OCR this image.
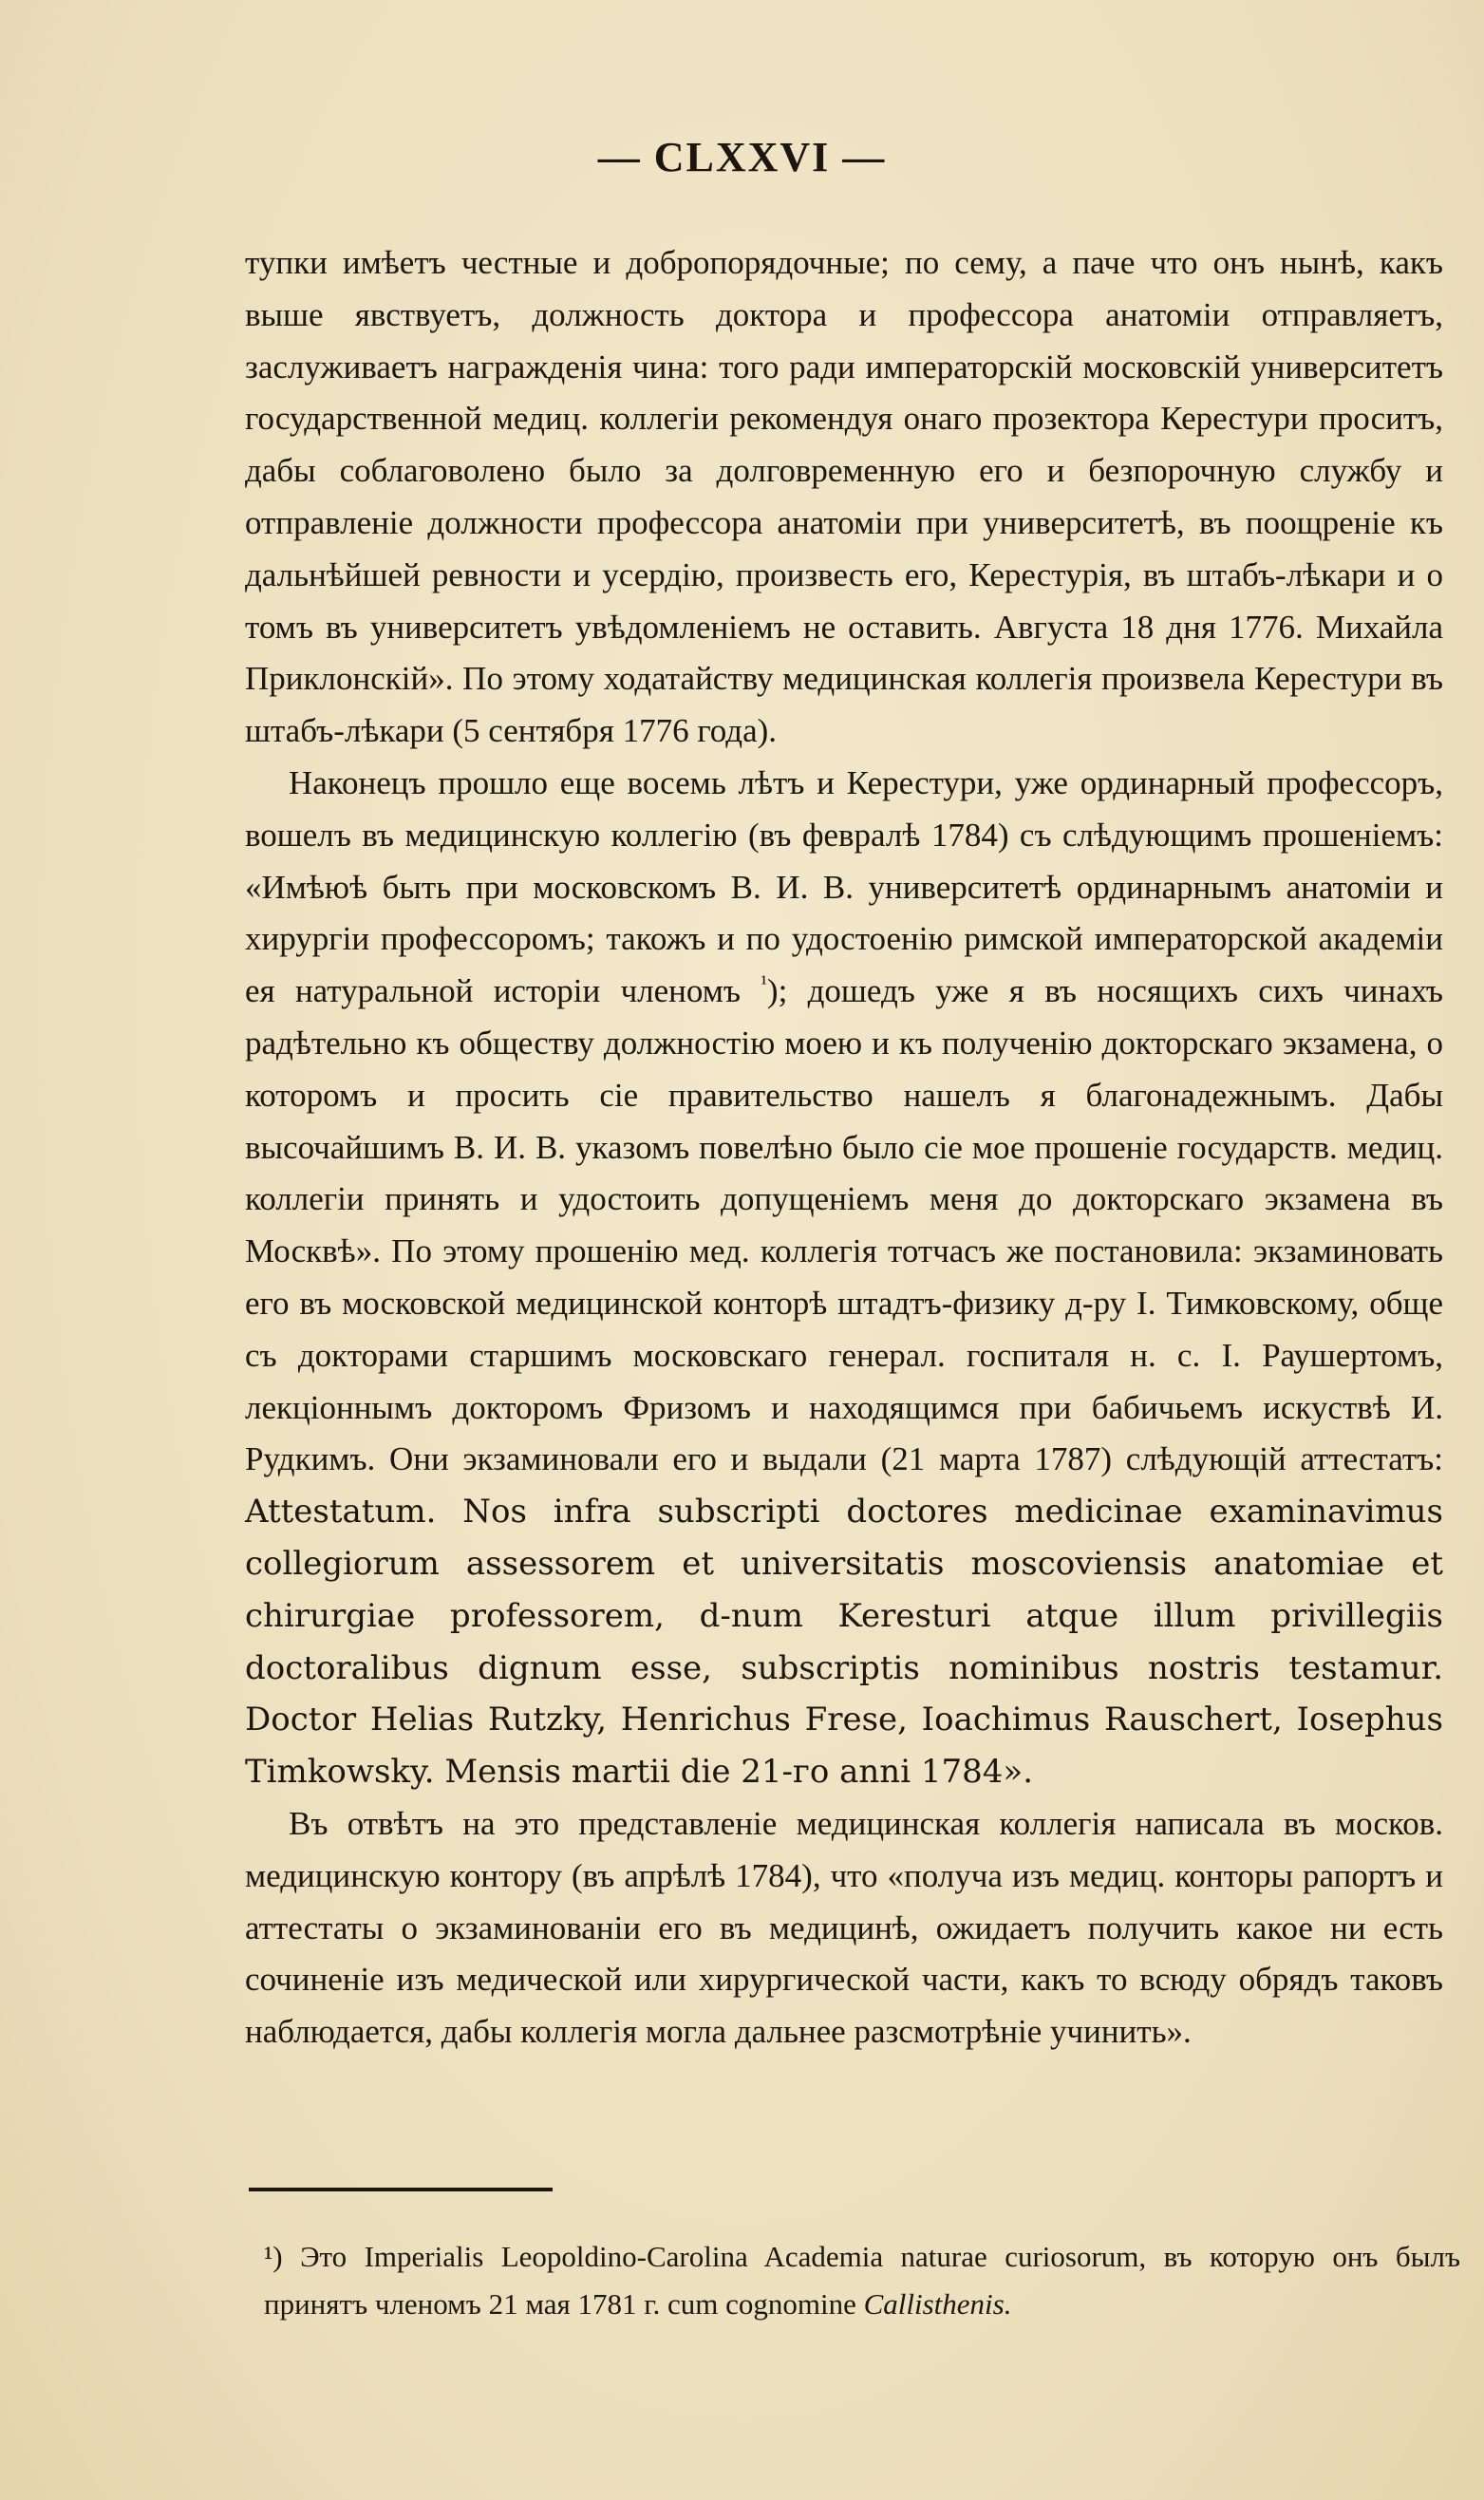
— CLXXVI —

тупки имѣетъ честные и добропорядочные; по сему, а паче что онъ нынѣ, какъ выше явствуетъ, должность доктора и профессора анатоміи отправляетъ, заслуживаетъ награжденія чина: того ради императорскій московскій университетъ государственной медиц. коллегіи рекомендуя онаго прозектора Керестури проситъ, дабы соблаговолено было за долговременную его и безпорочную службу и отправленіе должности профессора анатоміи при университетѣ, въ поощреніе къ дальнѣйшей ревности и усердію, произвесть его, Керестурія, въ штабъ-лѣкари и о томъ въ университетъ увѣдомленіемъ не оставить. Августа 18 дня 1776. Михайла Приклонскій». По этому ходатайству медицинская коллегія произвела Керестури въ штабъ-лѣкари (5 сентября 1776 года).

Наконецъ прошло еще восемь лѣтъ и Керестури, уже ординарный профессоръ, вошелъ въ медицинскую коллегію (въ февралѣ 1784) съ слѣдующимъ прошеніемъ: «Имѣюѣ быть при московскомъ В. И. В. университетѣ ординарнымъ анатоміи и хирургіи профессоромъ; такожъ и по удостоенію римской императорской академіи ея натуральной исторіи членомъ $^{^1}$); дошедъ уже я въ носящихъ сихъ чинахъ радѣтельно къ обществу должностію моею и къ полученію докторскаго экзамена, о которомъ и просить сіе правительство нашелъ я благонадежнымъ. Дабы высочайшимъ В. И. В. указомъ повелѣно было сіе мое прошеніе государств. медиц. коллегіи принять и удостоить допущеніемъ меня до докторскаго экзамена въ Москвѣ». По этому прошенію мед. коллегія тотчасъ же постановила: экзаминовать его въ московской медицинской конторѣ штадтъ-физику д-ру І. Тимковскому, обще съ докторами старшимъ московскаго генерал. госпиталя н. с. І. Раушертомъ, лекціоннымъ докторомъ Фризомъ и находящимся при бабичьемъ искуствѣ И. Рудкимъ. Они экзаминовали его и выдали (21 марта 1787) слѣдующій аттестатъ: Attestatum. Nos infra subscripti doctores medicinae examinavimus collegiorum assessorem et universitatis moscoviensis anatomiae et chirurgiae professorem, d-num Keresturi atque illum privillegiis doctoralibus dignum esse, subscriptis nominibus nostris testamur. Doctor Helias Rutzky, Henrichus Frese, Ioachimus Rauschert, Iosephus Timkowsky. Mensis martii die 21-го anni 1784».

Въ отвѣтъ на это представленіе медицинская коллегія написала въ москов. медицинскую контору (въ апрѣлѣ 1784), что «получа изъ медиц. конторы рапортъ и аттестаты о экзаминованіи его въ медицинѣ, ожидаетъ получить какое ни есть сочиненіе изъ медической или хирургической части, какъ то всюду обрядъ таковъ наблюдается, дабы коллегія могла дальнее разсмотрѣніе учинить».

¹) Это Imperialis Leopoldino-Carolina Academia naturae curiosorum, въ которую онъ былъ принятъ членомъ 21 мая 1781 г. cum cognomine Callisthenis.
